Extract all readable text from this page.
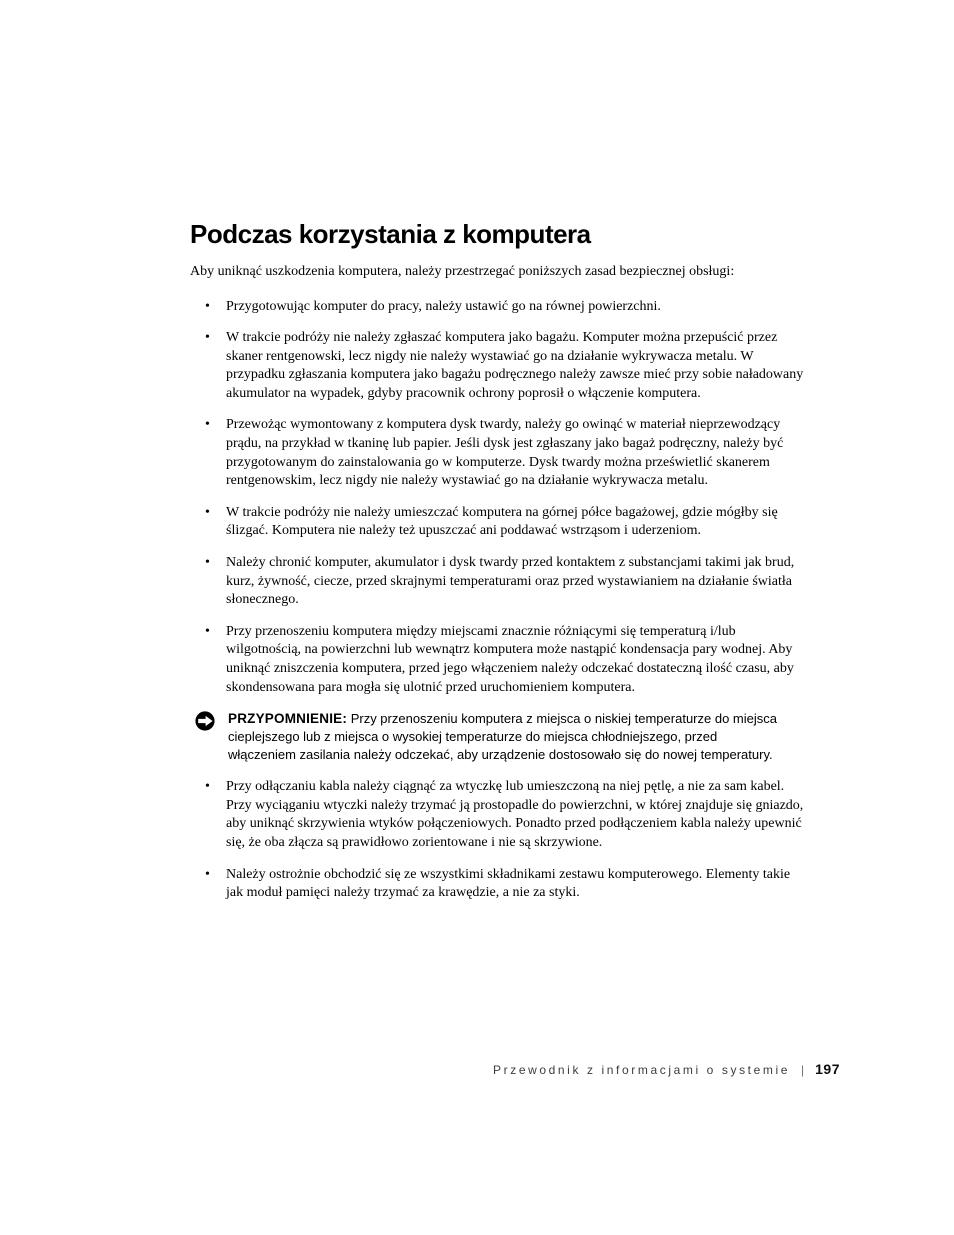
Podczas korzystania z komputera

Aby uniknąć uszkodzenia komputera, należy przestrzegać poniższych zasad bezpiecznej obsługi:

• Przygotowując komputer do pracy, należy ustawić go na równej powierzchni.
• W trakcie podróży nie należy zgłaszać komputera jako bagażu. Komputer można przepuścić przez skaner rentgenowski, lecz nigdy nie należy wystawiać go na działanie wykrywacza metalu. W przypadku zgłaszania komputera jako bagażu podręcznego należy zawsze mieć przy sobie naładowany akumulator na wypadek, gdyby pracownik ochrony poprosił o włączenie komputera.
• Przewożąc wymontowany z komputera dysk twardy, należy go owinąć w materiał nieprzewodzący prądu, na przykład w tkaninę lub papier. Jeśli dysk jest zgłaszany jako bagaż podręczny, należy być przygotowanym do zainstalowania go w komputerze. Dysk twardy można prześwietlić skanerem rentgenowskim, lecz nigdy nie należy wystawiać go na działanie wykrywacza metalu.
• W trakcie podróży nie należy umieszczać komputera na górnej półce bagażowej, gdzie mógłby się ślizgać. Komputera nie należy też upuszczać ani poddawać wstrząsom i uderzeniom.
• Należy chronić komputer, akumulator i dysk twardy przed kontaktem z substancjami takimi jak brud, kurz, żywność, ciecze, przed skrajnymi temperaturami oraz przed wystawianiem na działanie światła słonecznego.
• Przy przenoszeniu komputera między miejscami znacznie różniącymi się temperaturą i/lub wilgotnością, na powierzchni lub wewnątrz komputera może nastąpić kondensacja pary wodnej. Aby uniknąć zniszczenia komputera, przed jego włączeniem należy odczekać dostateczną ilość czasu, aby skondensowana para mogła się ulotnić przed uruchomieniem komputera.
PRZYPOMNIENIE: Przy przenoszeniu komputera z miejsca o niskiej temperaturze do miejsca cieplejszego lub z miejsca o wysokiej temperaturze do miejsca chłodniejszego, przed włączeniem zasilania należy odczekać, aby urządzenie dostosowało się do nowej temperatury.
• Przy odłączaniu kabla należy ciągnąć za wtyczkę lub umieszczoną na niej pętlę, a nie za sam kabel. Przy wyciąganiu wtyczki należy trzymać ją prostopadle do powierzchni, w której znajduje się gniazdo, aby uniknąć skrzywienia wtyków połączeniowych. Ponadto przed podłączeniem kabla należy upewnić się, że oba złącza są prawidłowo zorientowane i nie są skrzywione.
• Należy ostrożnie obchodzić się ze wszystkimi składnikami zestawu komputerowego. Elementy takie jak moduł pamięci należy trzymać za krawędzie, a nie za styki.
Przewodnik z informacjami o systemie | 197
